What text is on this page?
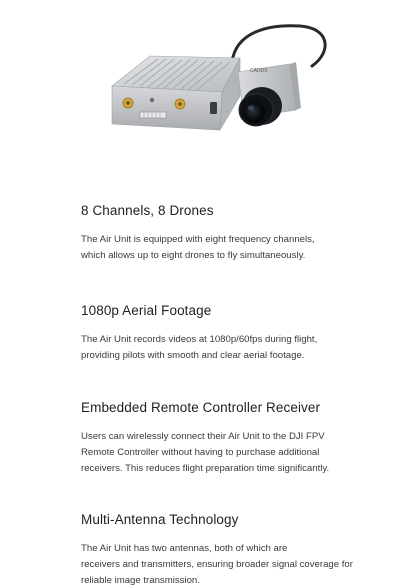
CADDX
8 Channels, 8 Drones

The Air Unit is equipped with eight frequency channels,
which allows up to eight drones to fly simultaneously.

1080p Aerial Footage

The Air Unit records videos at 1080p/60fps during flight,
providing pilots with smooth and clear aerial footage.

Embedded Remote Controller Receiver

Users can wirelessly connect their Air Unit to the DJI FPV
Remote Controller without having to purchase additional
receivers. This reduces flight preparation time significantly.

Multi-Antenna Technology

The Air Unit has two antennas, both of which are
receivers and transmitters, ensuring broader signal coverage for
reliable image transmission.
